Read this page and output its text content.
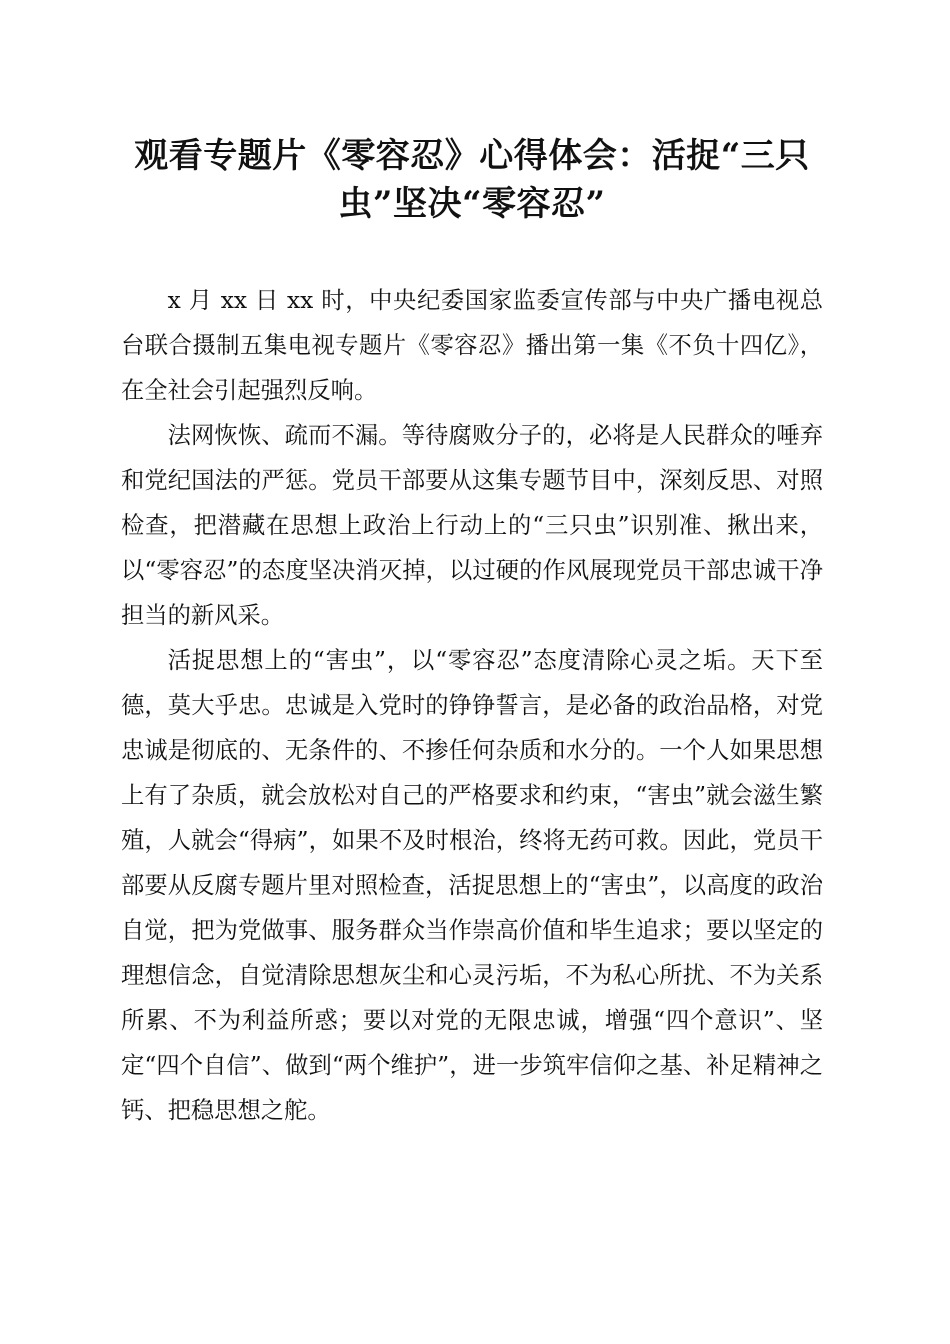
观看专题片《零容忍》心得体会：活捉“三只虫”坚决“零容忍”

x 月 xx 日 xx 时，中央纪委国家监委宣传部与中央广播电视总台联合摄制五集电视专题片《零容忍》播出第一集《不负十四亿》，在全社会引起强烈反响。

法网恢恢、疏而不漏。等待腐败分子的，必将是人民群众的唾弃和党纪国法的严惩。党员干部要从这集专题节目中，深刻反思、对照检查，把潜藏在思想上政治上行动上的“三只虫”识别准、揪出来，以“零容忍”的态度坚决消灭掉，以过硬的作风展现党员干部忠诚干净担当的新风采。

活捉思想上的“害虫”，以“零容忍”态度清除心灵之垢。天下至德，莫大乎忠。忠诚是入党时的铮铮誓言，是必备的政治品格，对党忠诚是彻底的、无条件的、不掺任何杂质和水分的。一个人如果思想上有了杂质，就会放松对自己的严格要求和约束，“害虫”就会滋生繁殖，人就会“得病”，如果不及时根治，终将无药可救。因此，党员干部要从反腐专题片里对照检查，活捉思想上的“害虫”，以高度的政治自觉，把为党做事、服务群众当作崇高价值和毕生追求；要以坚定的理想信念，自觉清除思想灰尘和心灵污垢，不为私心所扰、不为关系所累、不为利益所惑；要以对党的无限忠诚，增强“四个意识”、坚定“四个自信”、做到“两个维护”，进一步筑牢信仰之基、补足精神之钙、把稳思想之舵。
